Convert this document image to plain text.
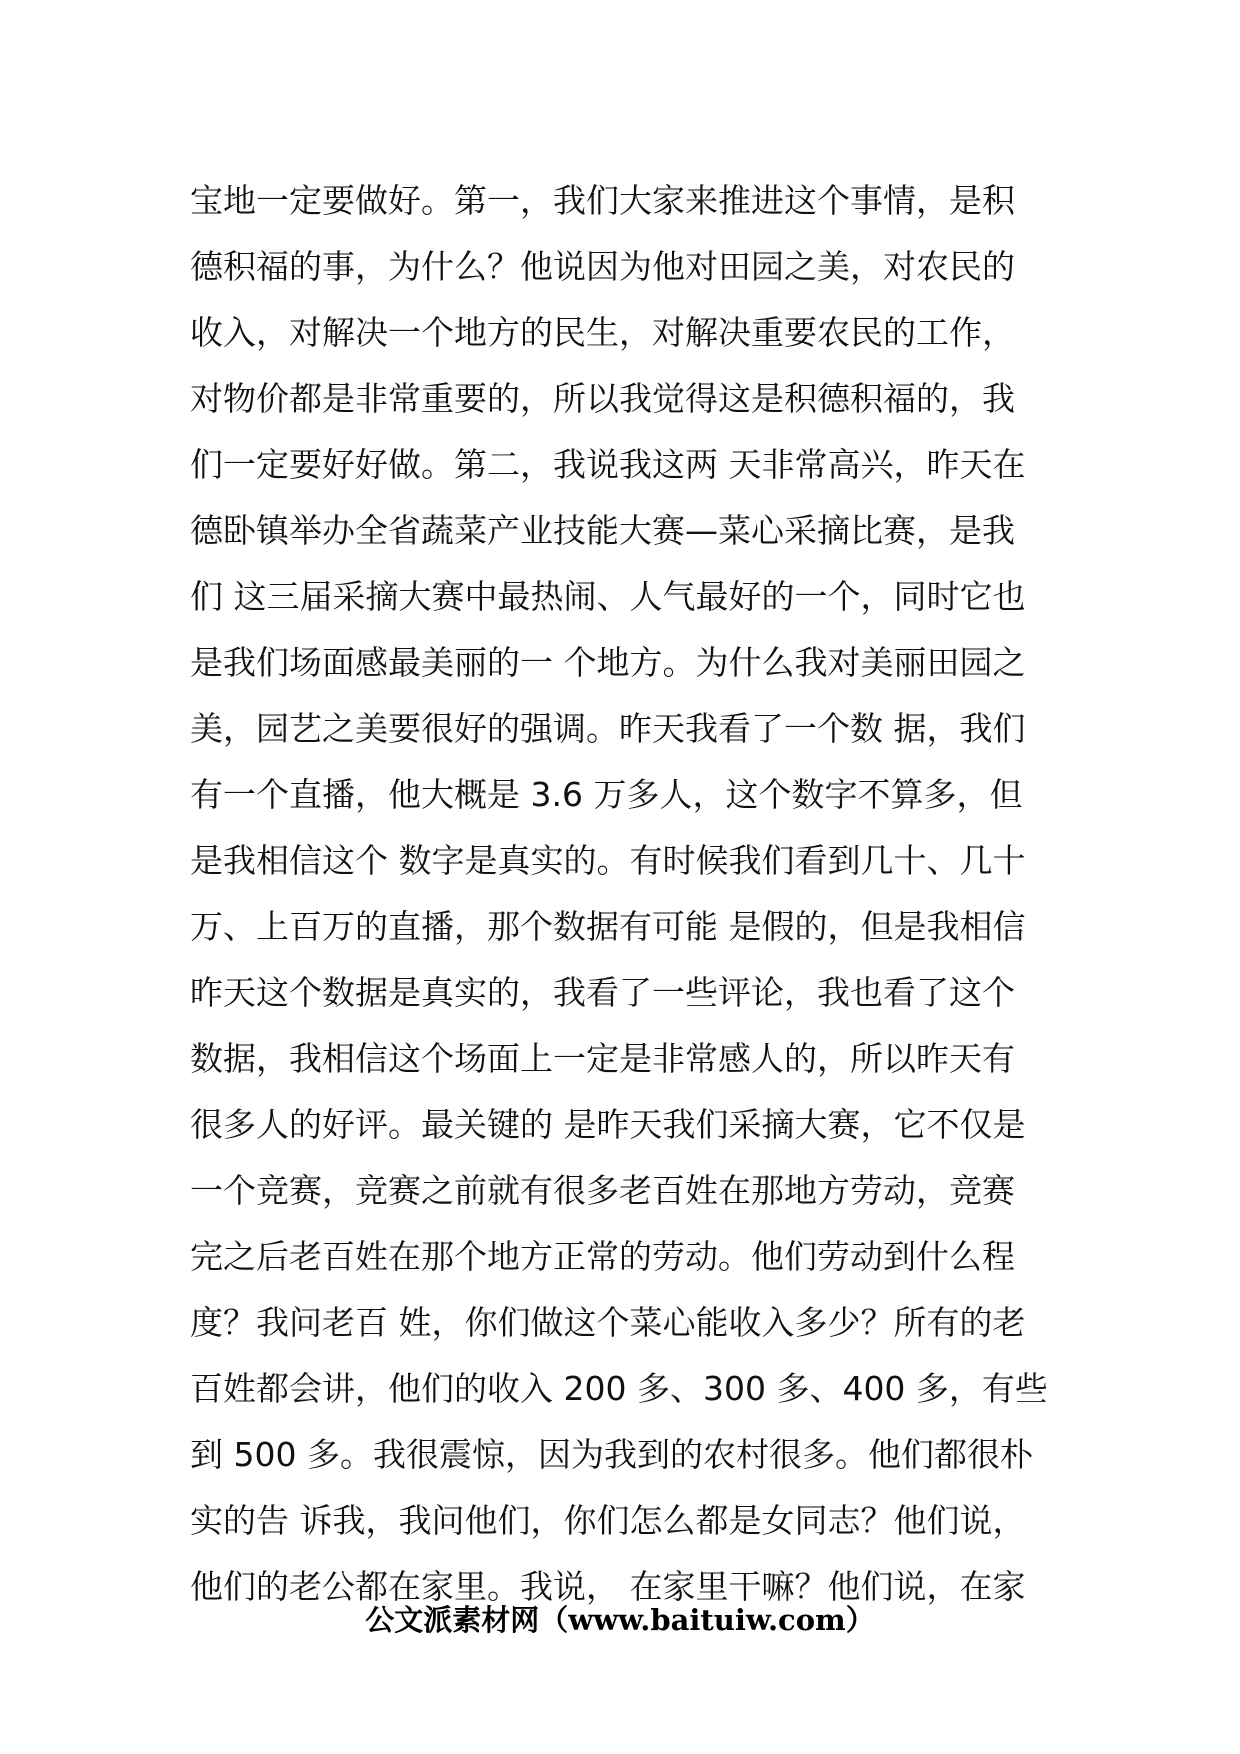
宝地一定要做好。第一，我们大家来推进这个事情，是积
德积福的事，为什么？他说因为他对田园之美，对农民的
收入，对解决一个地方的民生，对解决重要农民的工作，
对物价都是非常重要的，所以我觉得这是积德积福的，我
们一定要好好做。第二，我说我这两 天非常高兴，昨天在
德卧镇举办全省蔬菜产业技能大赛—菜心采摘比赛，是我
们 这三届采摘大赛中最热闹、人气最好的一个，同时它也
是我们场面感最美丽的一 个地方。为什么我对美丽田园之
美，园艺之美要很好的强调。昨天我看了一个数 据，我们
有一个直播，他大概是 3.6 万多人，这个数字不算多，但
是我相信这个 数字是真实的。有时候我们看到几十、几十
万、上百万的直播，那个数据有可能 是假的，但是我相信
昨天这个数据是真实的，我看了一些评论，我也看了这个
数据，我相信这个场面上一定是非常感人的，所以昨天有
很多人的好评。最关键的 是昨天我们采摘大赛，它不仅是
一个竞赛，竞赛之前就有很多老百姓在那地方劳动，竞赛
完之后老百姓在那个地方正常的劳动。他们劳动到什么程
度？我问老百 姓，你们做这个菜心能收入多少？所有的老
百姓都会讲，他们的收入 200 多、300 多、400 多，有些
到 500 多。我很震惊，因为我到的农村很多。他们都很朴
实的告 诉我，我问他们，你们怎么都是女同志？他们说，
他们的老公都在家里。我说， 在家里干嘛？他们说，在家
公文派素材网（www.baituiw.com）
